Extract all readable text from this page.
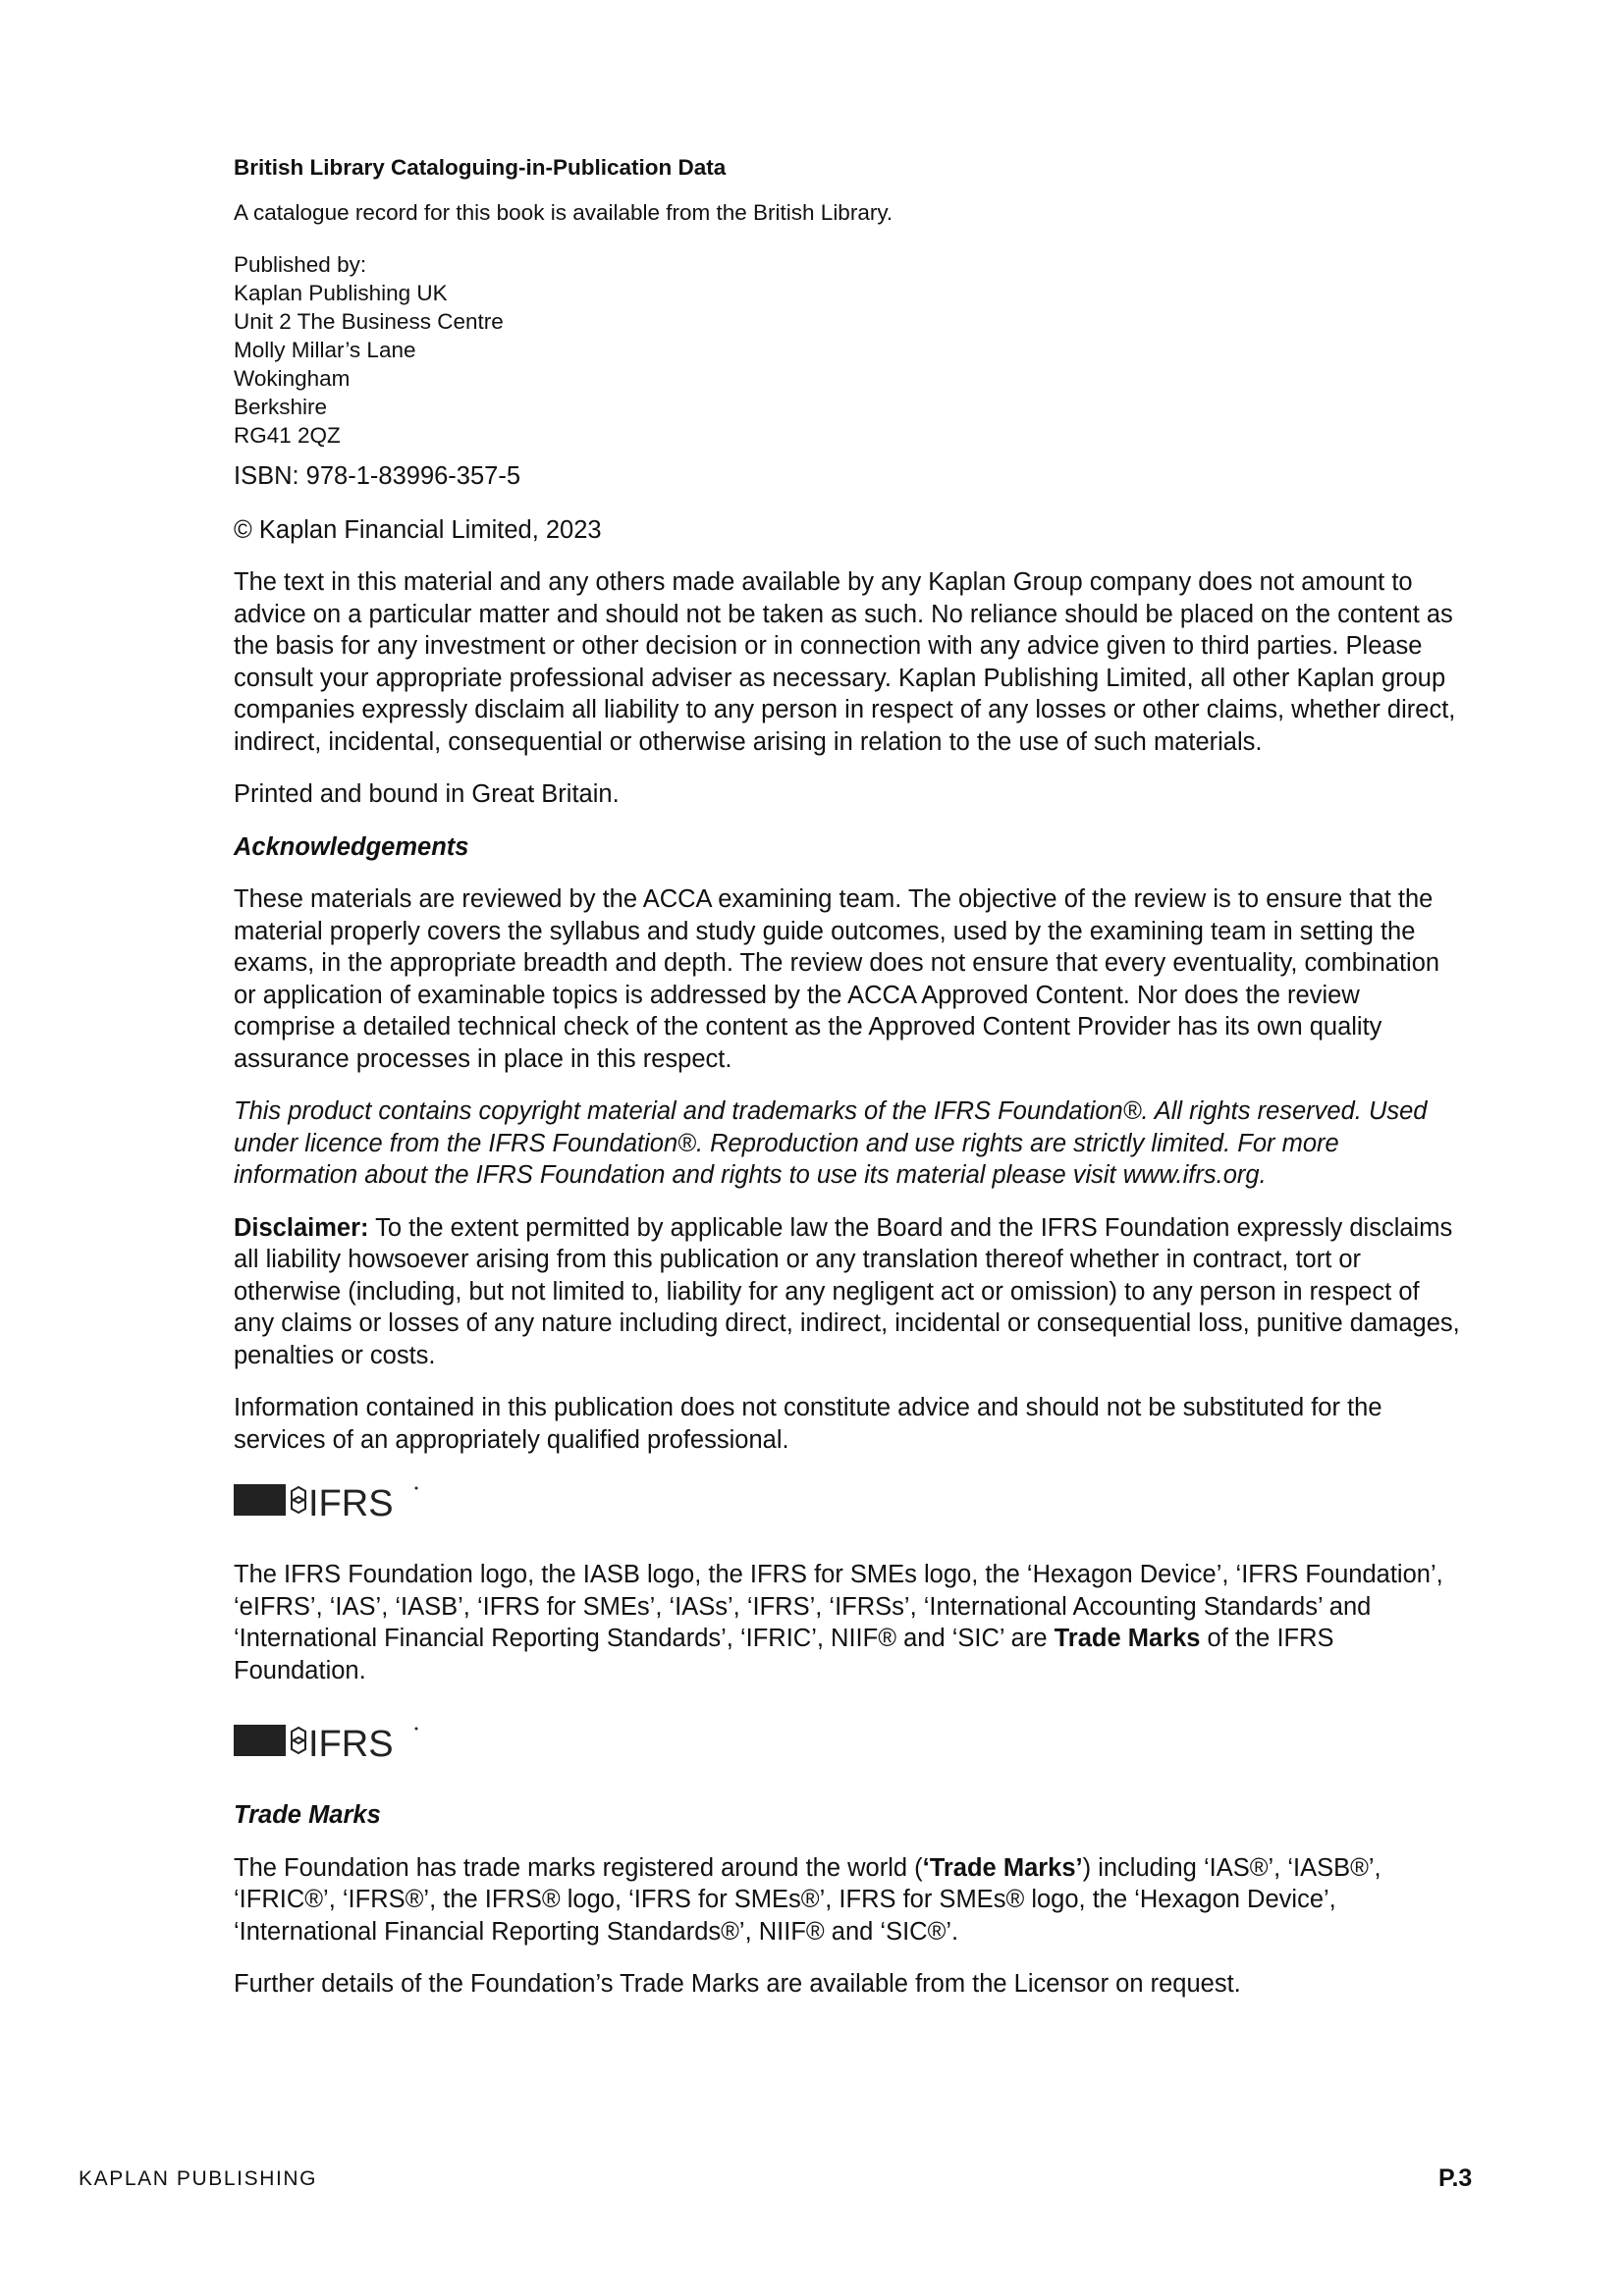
British Library Cataloguing-in-Publication Data

A catalogue record for this book is available from the British Library.

Published by:

Kaplan Publishing UK

Unit 2 The Business Centre

Molly Millar’s Lane

Wokingham

Berkshire

RG41 2QZ

ISBN: 978-1-83996-357-5

© Kaplan Financial Limited, 2023

The text in this material and any others made available by any Kaplan Group company does not amount to advice on a particular matter and should not be taken as such. No reliance should be placed on the content as the basis for any investment or other decision or in connection with any advice given to third parties. Please consult your appropriate professional adviser as necessary. Kaplan Publishing Limited, all other Kaplan group companies expressly disclaim all liability to any person in respect of any losses or other claims, whether direct, indirect, incidental, consequential or otherwise arising in relation to the use of such materials.

Printed and bound in Great Britain.

Acknowledgements

These materials are reviewed by the ACCA examining team. The objective of the review is to ensure that the material properly covers the syllabus and study guide outcomes, used by the examining team in setting the exams, in the appropriate breadth and depth. The review does not ensure that every eventuality, combination or application of examinable topics is addressed by the ACCA Approved Content. Nor does the review comprise a detailed technical check of the content as the Approved Content Provider has its own quality assurance processes in place in this respect.

This product contains copyright material and trademarks of the IFRS Foundation®. All rights reserved. Used under licence from the IFRS Foundation®. Reproduction and use rights are strictly limited. For more information about the IFRS Foundation and rights to use its material please visit www.ifrs.org.

Disclaimer: To the extent permitted by applicable law the Board and the IFRS Foundation expressly disclaims all liability howsoever arising from this publication or any translation thereof whether in contract, tort or otherwise (including, but not limited to, liability for any negligent act or omission) to any person in respect of any claims or losses of any nature including direct, indirect, incidental or consequential loss, punitive damages, penalties or costs.

Information contained in this publication does not constitute advice and should not be substituted for the services of an appropriately qualified professional.

IFRS

The IFRS Foundation logo, the IASB logo, the IFRS for SMEs logo, the ‘Hexagon Device’, ‘IFRS Foundation’, ‘eIFRS’, ‘IAS’, ‘IASB’, ‘IFRS for SMEs’, ‘IASs’, ‘IFRS’, ‘IFRSs’, ‘International Accounting Standards’ and ‘International Financial Reporting Standards’, ‘IFRIC’, NIIF® and ‘SIC’ are Trade Marks of the IFRS Foundation.

IFRS

Trade Marks

The Foundation has trade marks registered around the world (‘Trade Marks’) including ‘IAS®’, ‘IASB®’, ‘IFRIC®’, ‘IFRS®’, the IFRS® logo, ‘IFRS for SMEs®’, IFRS for SMEs® logo, the ‘Hexagon Device’, ‘International Financial Reporting Standards®’, NIIF® and ‘SIC®’.

Further details of the Foundation’s Trade Marks are available from the Licensor on request.

KAPLAN PUBLISHING	P.3
